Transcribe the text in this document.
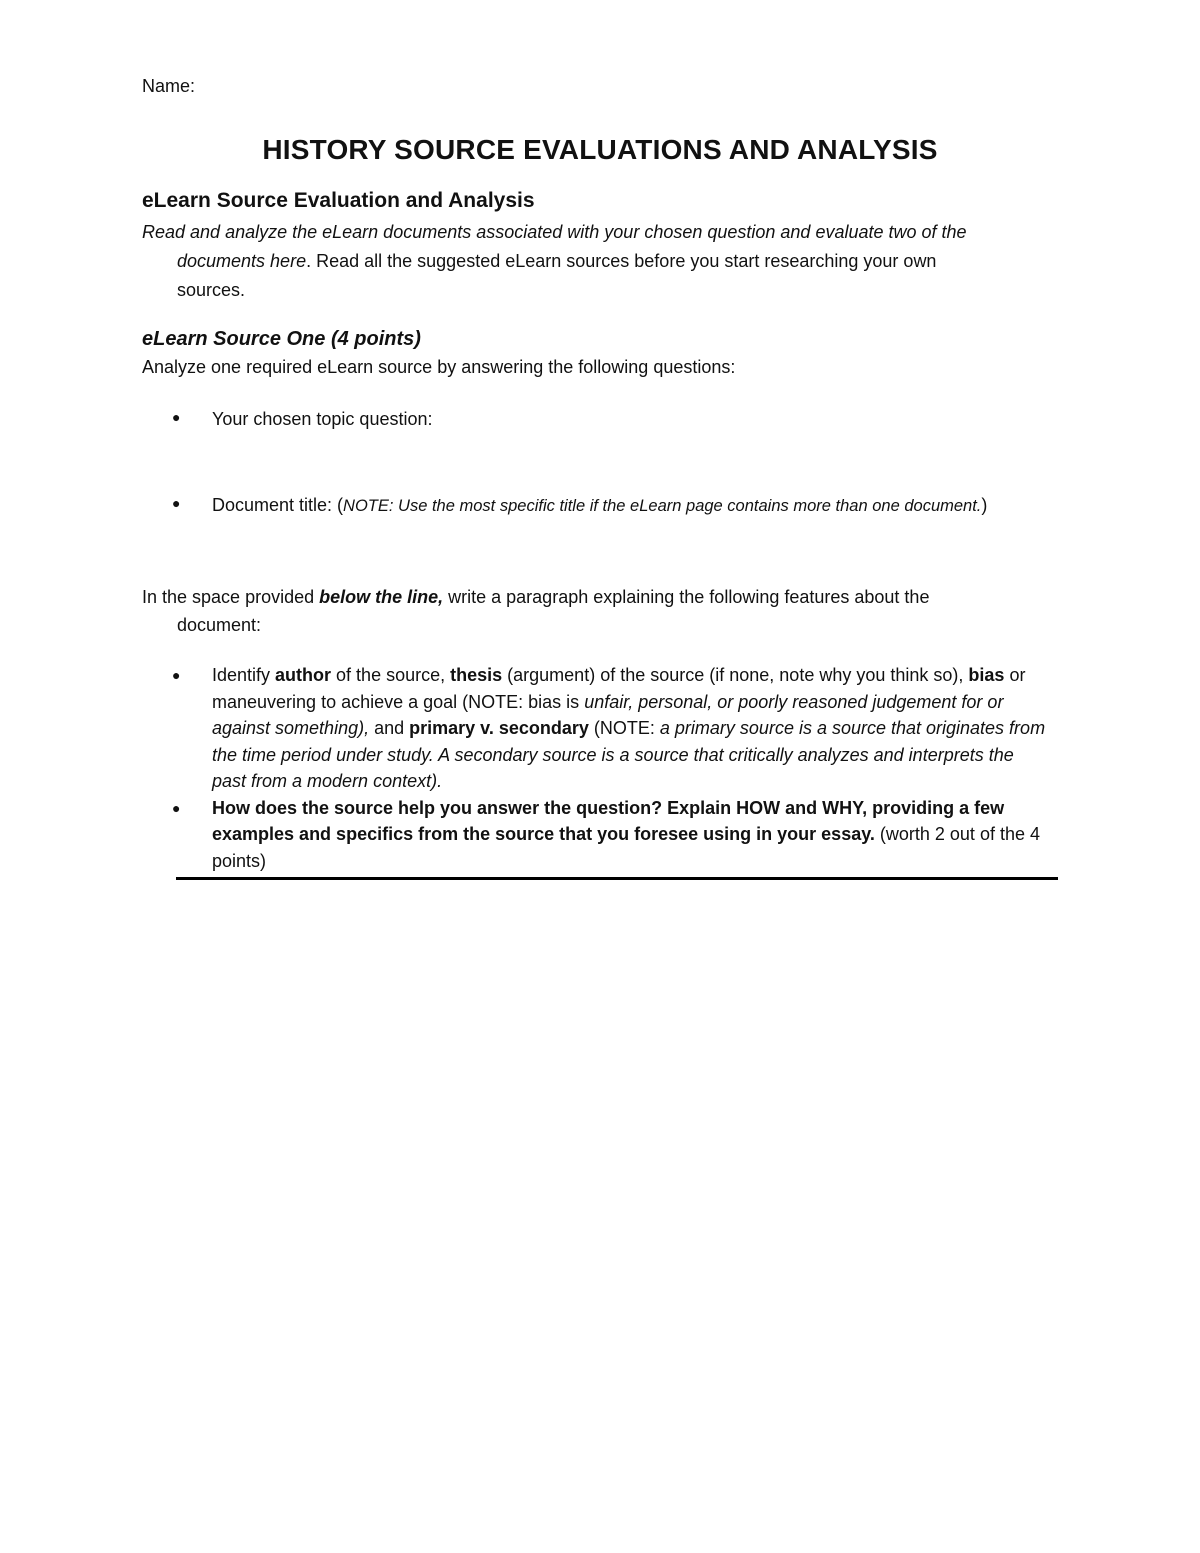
Name:
HISTORY SOURCE EVALUATIONS AND ANALYSIS
eLearn Source Evaluation and Analysis
Read and analyze the eLearn documents associated with your chosen question and evaluate two of the
documents here. Read all the suggested eLearn sources before you start researching your own
sources.
eLearn Source One (4 points)
Analyze one required eLearn source by answering the following questions:
● Your chosen topic question:
● Document title: (NOTE: Use the most specific title if the eLearn page contains more than one document.)
In the space provided below the line, write a paragraph explaining the following features about the
document:
● Identify author of the source, thesis (argument) of the source (if none, note why you think so), bias or maneuvering to achieve a goal (NOTE: bias is unfair, personal, or poorly reasoned judgement for or against something), and primary v. secondary (NOTE: a primary source is a source that originates from the time period under study. A secondary source is a source that critically analyzes and interprets the past from a modern context).
● How does the source help you answer the question? Explain HOW and WHY, providing a few examples and specifics from the source that you foresee using in your essay. (worth 2 out of the 4 points)
